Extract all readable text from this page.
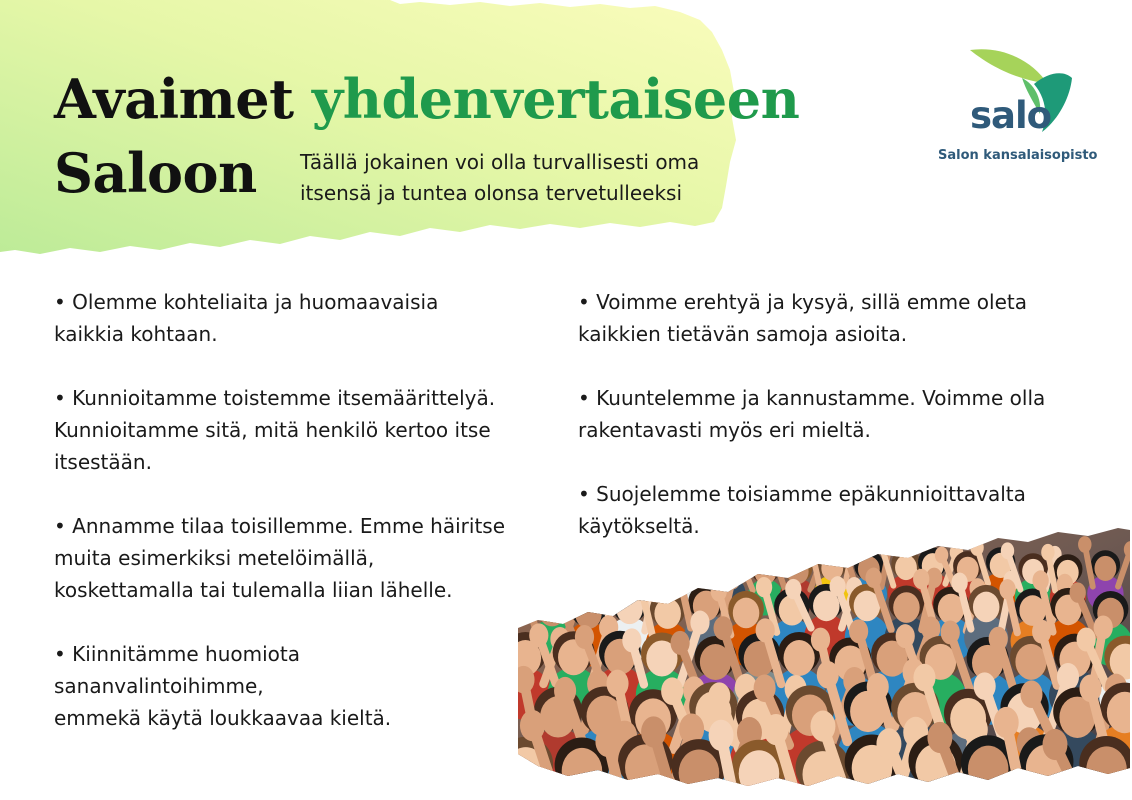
Avaimet yhdenvertaiseen
Saloon	Täällä jokainen voi olla turvallisesti oma
itsensä ja tuntea olonsa tervetulleeksi
salo
Salon kansalaisopisto

• Olemme kohteliaita ja huomaavaisia
kaikkia kohtaan.

• Kunnioitamme toistemme itsemäärittelyä.
Kunnioitamme sitä, mitä henkilö kertoo itse
itsestään.

• Annamme tilaa toisillemme. Emme häiritse
muita esimerkiksi metelöimällä,
koskettamalla tai tulemalla liian lähelle.

• Kiinnitämme huomiota
sananvalintoihimme,
emmekä käytä loukkaavaa kieltä.

• Voimme erehtyä ja kysyä, sillä emme oleta
kaikkien tietävän samoja asioita.

• Kuuntelemme ja kannustamme. Voimme olla
rakentavasti myös eri mieltä.

• Suojelemme toisiamme epäkunnioittavalta
käytökseltä.
